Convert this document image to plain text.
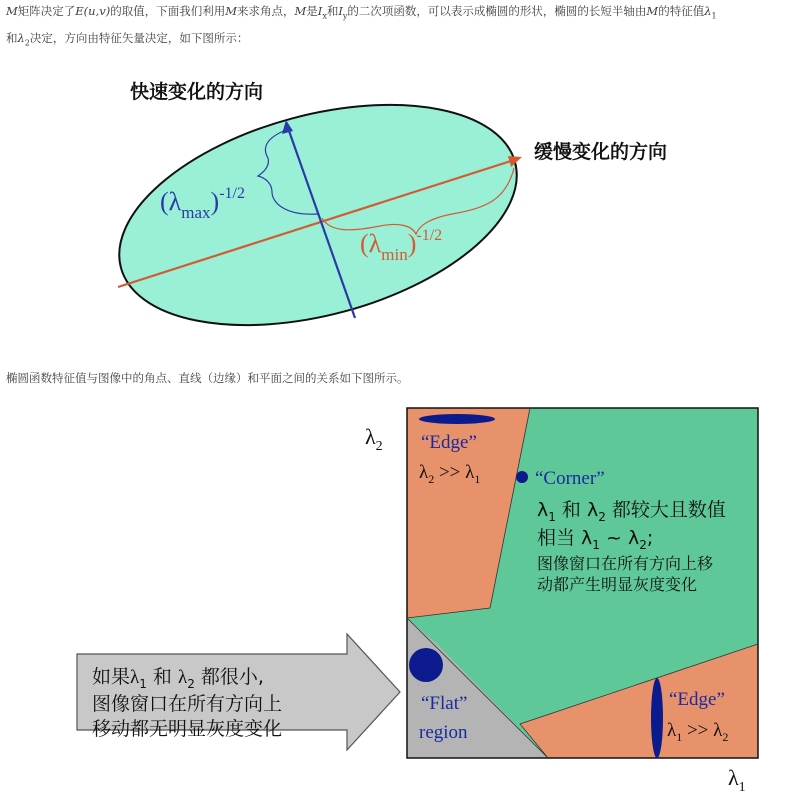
M矩阵决定了E(u,v)的取值，下面我们利用M来求角点，M是$I_x$和$I_y$的二次项函数，可以表示成椭圆的形状，椭圆的长短半轴由M的特征值$\lambda_1$
和$\lambda_2$决定，方向由特征矢量决定，如下图所示：
快速变化的方向
缓慢变化的方向
$(\lambda_{max})^{-1/2}$
$(\lambda_{min})^{-1/2}$
$\lambda_2$
$\lambda_1$
“Edge”
$\lambda_2 >> \lambda_1$	“Corner”
$\lambda_1$ 和 $\lambda_2$ 都较大且数值
相当 $\lambda_1$ ~ $\lambda_2$;
图像窗口在所有方向上移
动都产生明显灰度变化
“Flat”
region
“Edge”
$\lambda_1 >> \lambda_2$
如果$\lambda_1$ 和 $\lambda_2$ 都很小,
图像窗口在所有方向上
移动都无明显灰度变化
椭圆函数特征值与图像中的角点、直线（边缘）和平面之间的关系如下图所示。
